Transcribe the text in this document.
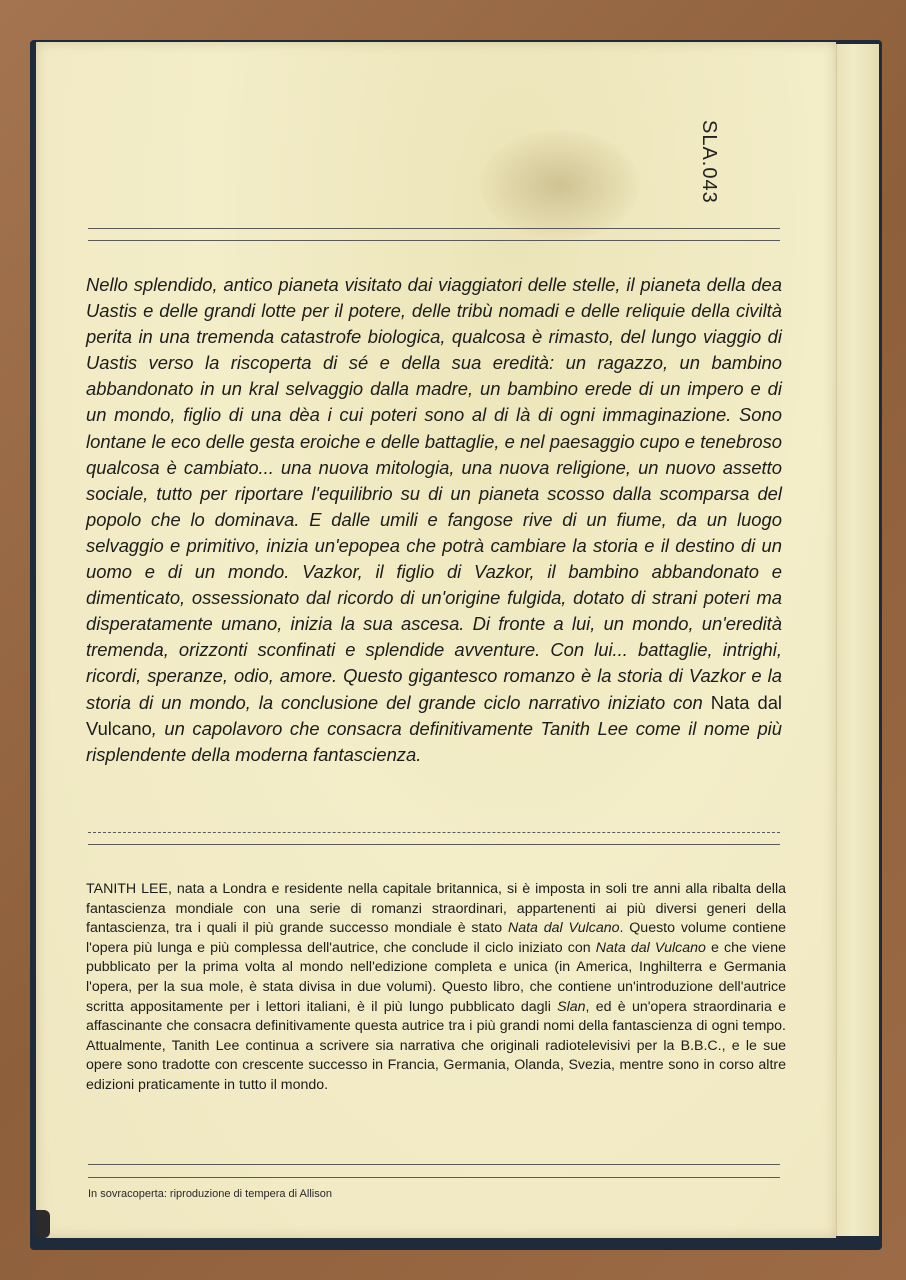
SLA.043

Nello splendido, antico pianeta visitato dai viaggiatori delle stelle, il pianeta della dea Uastis e delle grandi lotte per il potere, delle tribù nomadi e delle reliquie della civiltà perita in una tremenda catastrofe biologica, qualcosa è rimasto, del lungo viaggio di Uastis verso la riscoperta di sé e della sua eredità: un ragazzo, un bambino abbandonato in un kral selvaggio dalla madre, un bambino erede di un impero e di un mondo, figlio di una dèa i cui poteri sono al di là di ogni immaginazione. Sono lontane le eco delle gesta eroiche e delle battaglie, e nel paesaggio cupo e tenebroso qualcosa è cambiato... una nuova mitologia, una nuova religione, un nuovo assetto sociale, tutto per riportare l'equilibrio su di un pianeta scosso dalla scomparsa del popolo che lo dominava. E dalle umili e fangose rive di un fiume, da un luogo selvaggio e primitivo, inizia un'epopea che potrà cambiare la storia e il destino di un uomo e di un mondo. Vazkor, il figlio di Vazkor, il bambino abbandonato e dimenticato, ossessionato dal ricordo di un'origine fulgida, dotato di strani poteri ma disperatamente umano, inizia la sua ascesa. Di fronte a lui, un mondo, un'eredità tremenda, orizzonti sconfinati e splendide avventure. Con lui... battaglie, intrighi, ricordi, speranze, odio, amore. Questo gigantesco romanzo è la storia di Vazkor e la storia di un mondo, la conclusione del grande ciclo narrativo iniziato con Nata dal Vulcano, un capolavoro che consacra definitivamente Tanith Lee come il nome più risplendente della moderna fantascienza.

TANITH LEE, nata a Londra e residente nella capitale britannica, si è imposta in soli tre anni alla ribalta della fantascienza mondiale con una serie di romanzi straordinari, appartenenti ai più diversi generi della fantascienza, tra i quali il più grande successo mondiale è stato Nata dal Vulcano. Questo volume contiene l'opera più lunga e più complessa dell'autrice, che conclude il ciclo iniziato con Nata dal Vulcano e che viene pubblicato per la prima volta al mondo nell'edizione completa e unica (in America, Inghilterra e Germania l'opera, per la sua mole, è stata divisa in due volumi). Questo libro, che contiene un'introduzione dell'autrice scritta appositamente per i lettori italiani, è il più lungo pubblicato dagli Slan, ed è un'opera straordinaria e affascinante che consacra definitivamente questa autrice tra i più grandi nomi della fantascienza di ogni tempo. Attualmente, Tanith Lee continua a scrivere sia narrativa che originali radiotelevisivi per la B.B.C., e le sue opere sono tradotte con crescente successo in Francia, Germania, Olanda, Svezia, mentre sono in corso altre edizioni praticamente in tutto il mondo.

In sovracoperta: riproduzione di tempera di Allison
